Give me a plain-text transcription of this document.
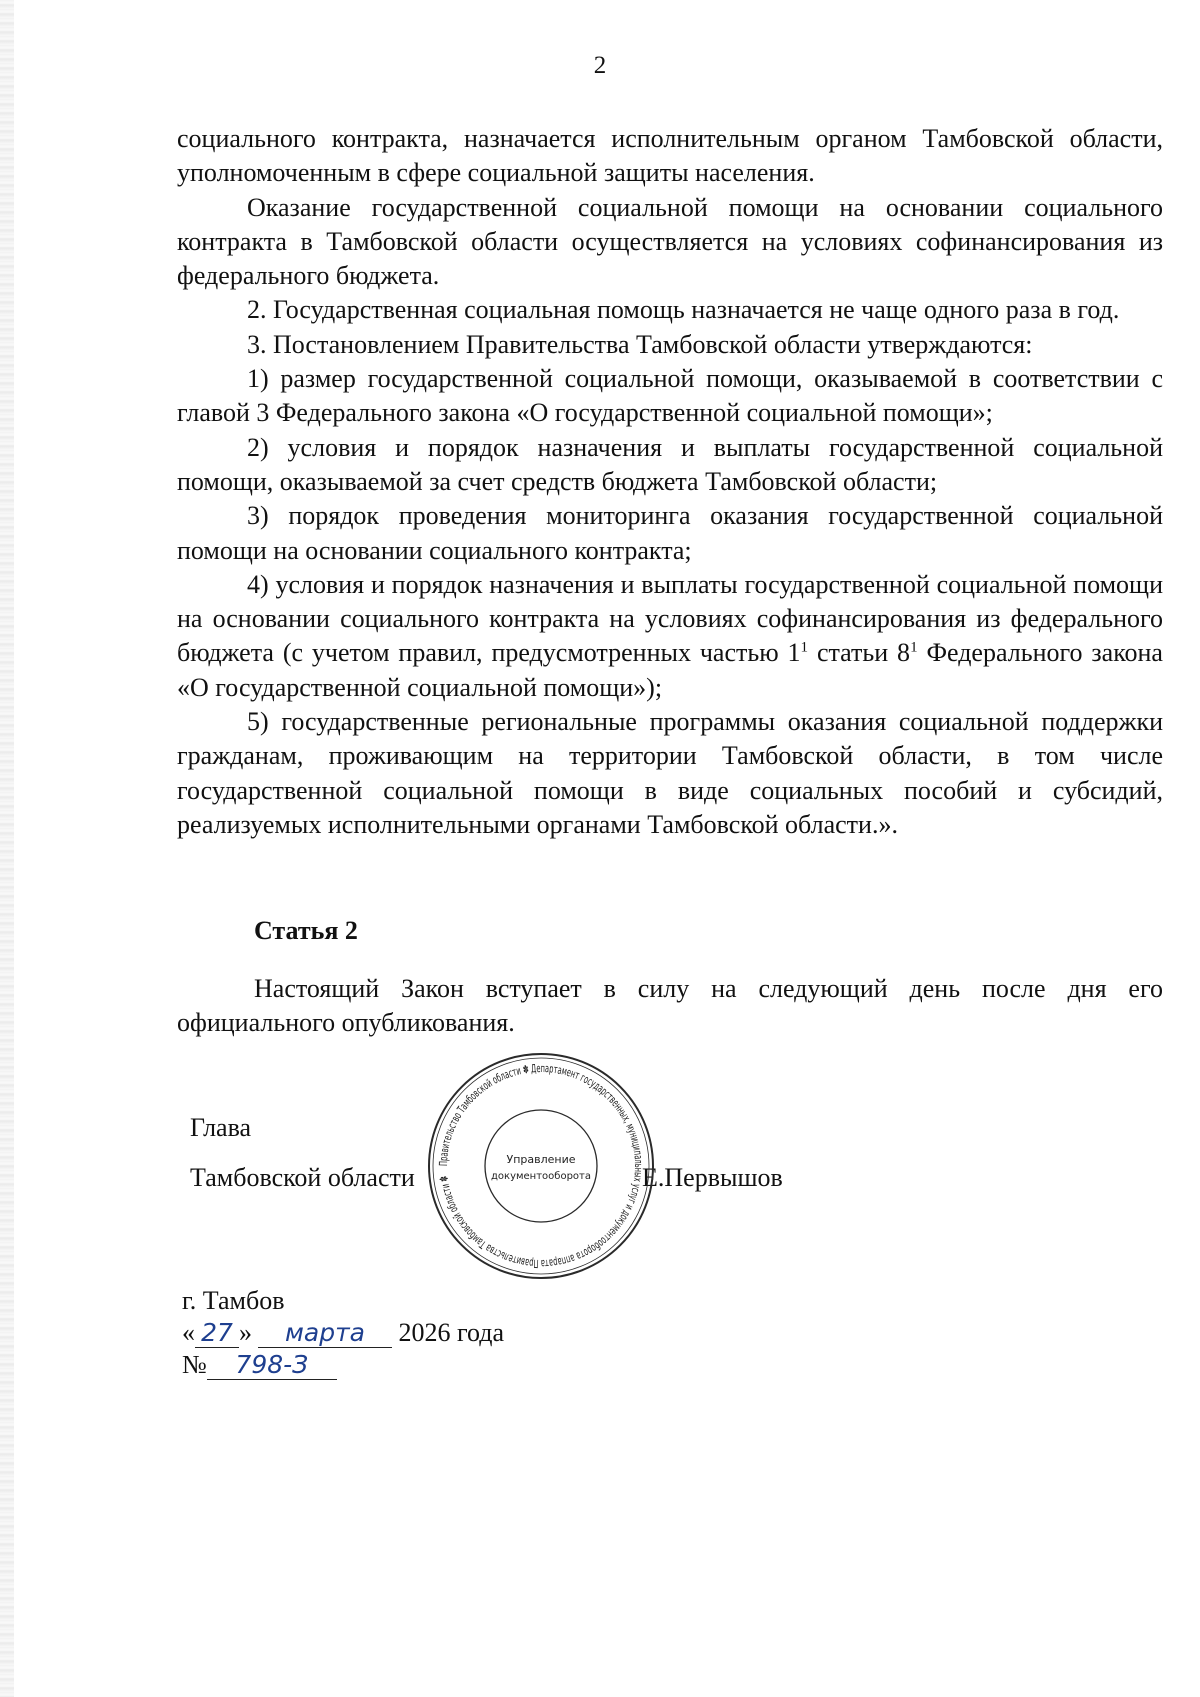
2

социального контракта, назначается исполнительным органом Тамбовской области, уполномоченным в сфере социальной защиты населения.

Оказание государственной социальной помощи на основании социального контракта в Тамбовской области осуществляется на условиях софинансирования из федерального бюджета.

2. Государственная социальная помощь назначается не чаще одного раза в год.

3. Постановлением Правительства Тамбовской области утверждаются:

1) размер государственной социальной помощи, оказываемой в соответствии с главой 3 Федерального закона «О государственной социальной помощи»;

2) условия и порядок назначения и выплаты государственной социальной помощи, оказываемой за счет средств бюджета Тамбовской области;

3) порядок проведения мониторинга оказания государственной социальной помощи на основании социального контракта;

4) условия и порядок назначения и выплаты государственной социальной помощи на основании социального контракта на условиях софинансирования из федерального бюджета (с учетом правил, предусмотренных частью $1^1$ статьи $8^1$ Федерального закона «О государственной социальной помощи»);

5) государственные региональные программы оказания социальной поддержки гражданам, проживающим на территории Тамбовской области, в том числе государственной социальной помощи в виде социальных пособий и субсидий, реализуемых исполнительными органами Тамбовской области.».

Статья 2

Настоящий Закон вступает в силу на следующий день после дня его официального опубликования.

Глава
Тамбовской области	Е.Первышов
Правительство Тамбовской области ✽ Департамент государственных, муниципальных услуг и документооборота аппарата Правительства Тамбовской области ✽
Управление
документооборота
г. Тамбов
« 27 » марта 2026 года
№ 798-З
